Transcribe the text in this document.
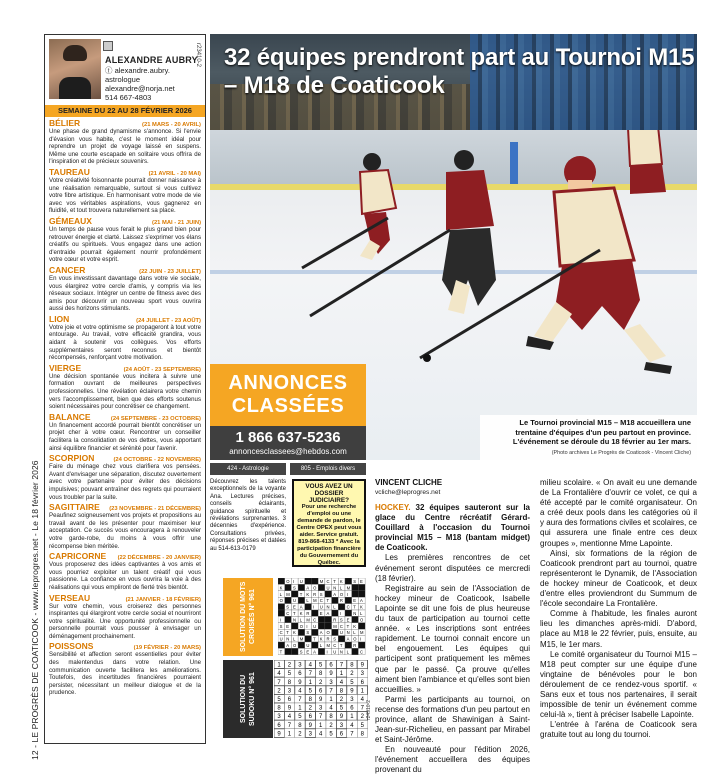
12 - LE PROGRÈS DE COATICOOK - www.leprogres.net - Le 18 février 2026
r23410-2
ALEXANDRE AUBRY
ⓕ alexandre.aubry.
astrologue
alexandre@norja.net
514 667-4803
SEMAINE DU 22 AU 28 FÉVRIER 2026
BÉLIER	(21 MARS - 20 AVRIL)
Une phase de grand dynamisme s'annonce. Si l'envie d'évasion vous habite, c'est le moment idéal pour reprendre un projet de voyage laissé en suspens. Même une courte escapade en solitaire vous offrira de l'inspiration et de précieux souvenirs.
TAUREAU	(21 AVRIL - 20 MAI)
Votre créativité foisonnante pourrait donner naissance à une réalisation remarquable, surtout si vous cultivez votre fibre artistique. En harmonisant votre mode de vie avec vos véritables aspirations, vous gagnerez en fluidité, et tout trouvera naturellement sa place.
GÉMEAUX	(21 MAI - 21 JUIN)
Un temps de pause vous ferait le plus grand bien pour retrouver énergie et clarté. Laissez s'exprimer vos élans créatifs ou spirituels. Vous engagez dans une action d'entraide pourrait également nourrir profondément votre cœur et votre esprit.
CANCER	(22 JUIN - 23 JUILLET)
En vous investissant davantage dans votre vie sociale, vous élargirez votre cercle d'amis, y compris via les réseaux sociaux. Intégrer un centre de fitness avec des amis pour découvrir un nouveau sport vous ouvrira aussi des horizons stimulants.
LION	(24 JUILLET - 23 AOÛT)
Votre joie et votre optimisme se propageront à tout votre entourage. Au travail, votre efficacité grandira, vous aidant à soutenir vos collègues. Vos efforts supplémentaires seront reconnus et bientôt récompensés, renforçant votre motivation.
VIERGE	(24 AOÛT - 23 SEPTEMBRE)
Une décision spontanée vous incitera à suivre une formation ouvrant de meilleures perspectives professionnelles. Une révélation éclairera votre chemin vers l'accomplissement, bien que des efforts soutenus soient nécessaires pour concrétiser ce changement.
BALANCE	(24 SEPTEMBRE - 23 OCTOBRE)
Un financement accordé pourrait bientôt concrétiser un projet cher à votre cœur. Rencontrer un conseiller facilitera la consolidation de vos dettes, vous apportant ainsi équilibre financier et sérénité pour l'avenir.
SCORPION	(24 OCTOBRE - 22 NOVEMBRE)
Faire du ménage chez vous clarifiera vos pensées. Avant d'envisager une séparation, discutez ouvertement avec votre partenaire pour éviter des décisions impulsives; pouvant entraîner des regrets qui pourraient vous troubler par la suite.
SAGITTAIRE (23 NOVEMBRE - 21 DÉCEMBRE)
Peaufinez soigneusement vos projets et propositions au travail avant de les présenter pour maximiser leur acceptation. Ce succès vous encouragera à renouveler votre garde-robe, du moins à vous offrir une récompense bien méritée.
CAPRICORNE (22 DÉCEMBRE - 20 JANVIER)
Vous proposerez des idées captivantes à vos amis et vous pourriez exploiter un talent créatif qui vous passionne. La confiance en vous ouvrira la voie à des réalisations qui vous empliront de fierté très bientôt.
VERSEAU	(21 JANVIER - 18 FÉVRIER)
Sur votre chemin, vous croiserez des personnes inspirantes qui élargiront votre cercle social et nourriront votre spiritualité. Une opportunité professionnelle ou personnelle pourrait vous pousser à envisager un déménagement prochainement.
POISSONS	(19 FÉVRIER - 20 MARS)
Sensibilité et affection seront essentielles pour éviter des malentendus dans votre relation. Une communication ouverte facilitera les améliorations. Toutefois, des incertitudes financières pourraient persister, nécessitant un meilleur dialogue et de la prudence.
32 équipes prendront part au Tournoi M15 – M18 de Coaticook
Le Tournoi provincial M15 – M18 accueillera une trentaine d'équipes d'un peu partout en province. L'événement se déroule du 18 février au 1er mars.
(Photo archives Le Progrès de Coaticook - Vincent Cliche)
ANNONCES
CLASSÉES
1 866 637-5236
annoncesclassees@hebdos.com
424 - Astrologie	805 - Emplois divers
Découvrez les talents exceptionnels de la voyante Ana. Lectures précises, conseils éclairants, guidance spirituelle et révélations surprenantes. 3 décennies d'expérience. Consultations privées, réponses précises et datées au 514-613-0179
VOUS AVEZ UN DOSSIER JUDICIAIRE?
Pour une recherche d'emploi ou une demande de pardon, le Centre OPEX peut vous aider. Service gratuit. 819-868-4133 * Avec la participation financière du Gouvernement du Québec.
SOLUTION DU MOTS CROISÉS N° 961
O I U	M C T K	S E
K	S	A O U N L M
L M T K R S	A O I
O U L M C T	R E A
S E A	I U N L	C T K
C T K R E A	I	N L
I	N L M C	R S E	O
S E	O I U	M C T K
C T K	S	A O U N L M
U N L M T K R S	A O I
A O U L M C T	R
T	S E A	I U N L	C
SOLUTION DU SUDOKU N° 961
1 2 3 4 5 6 7 8 9
4 5 6 7 8 9 1 2 3
7 8 9 1 2 3 4 5 6
2 3 4 5 6 7 8 9 1
5 6 7 8 9 1 2 3 4
8 9 1 2 3 4 5 6 7
3 4 5 6 7 8 9 1 2
6 7 8 9 1 2 3 4 5
9 1 2 3 4 5 6 7 8
r24910-2
VINCENT CLICHE
vcliche@leprogres.net

HOCKEY. 32 équipes sauteront sur la glace du Centre récréatif Gérard-Couillard à l'occasion du Tournoi provincial M15 – M18 (bantam midget) de Coaticook.

Les premières rencontres de cet événement seront disputées ce mercredi (18 février).

Registraire au sein de l'Association de hockey mineur de Coaticook, Isabelle Lapointe se dit une fois de plus heureuse du taux de participation au tournoi cette année. « Les inscriptions sont entrées rapidement. Le tournoi connait encore un bel engouement. Les équipes qui participent sont pratiquement les mêmes que par le passé. Ça prouve qu'elles aiment bien l'ambiance et qu'elles sont bien accueillies. »

Parmi les participants au tournoi, on recense des formations d'un peu partout en province, allant de Shawinigan à Saint-Jean-sur-Richelieu, en passant par Mirabel et Saint-Jérôme.

En nouveauté pour l'édition 2026, l'événement accueillera des équipes provenant du

milieu scolaire. « On avait eu une demande de La Frontalière d'ouvrir ce volet, ce qui a été accepté par le comité organisateur. On a créé deux pools dans les catégories où il y aura des formations civiles et scolaires, ce qui assurera une finale entre ces deux groupes », mentionne Mme Lapointe.

Ainsi, six formations de la région de Coaticook prendront part au tournoi, quatre représenteront le Dynamik, de l'Association de hockey mineur de Coaticook, et deux d'entre elles proviendront du Summum de l'école secondaire La Frontalière.

Comme à l'habitude, les finales auront lieu les dimanches après-midi. D'abord, place au M18 le 22 février, puis, ensuite, au M15, le 1er mars.

Le comité organisateur du Tournoi M15 – M18 peut compter sur une équipe d'une vingtaine de bénévoles pour le bon déroulement de ce rendez-vous sportif. « Sans eux et tous nos partenaires, il serait impossible de tenir un événement comme celui-là », tient à préciser Isabelle Lapointe.

L'entrée à l'aréna de Coaticook sera gratuite tout au long du tournoi.
